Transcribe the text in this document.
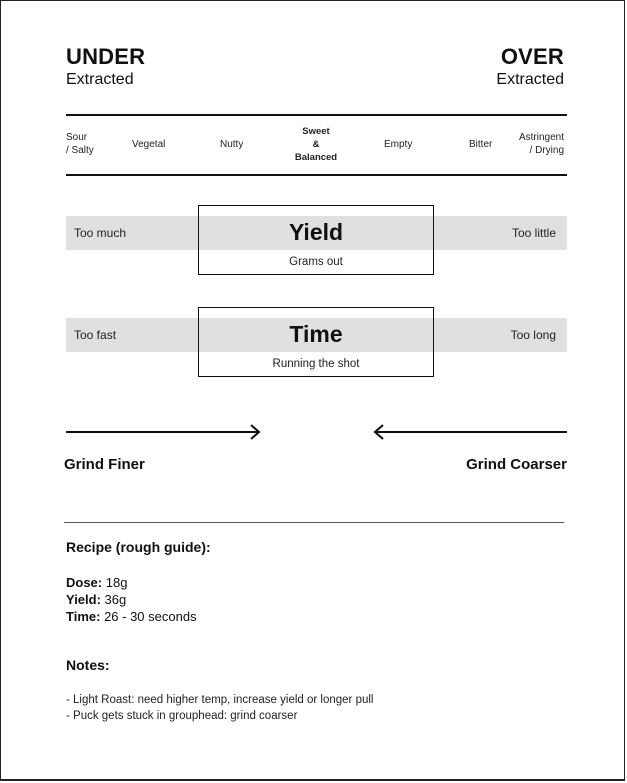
UNDER
Extracted
OVER
Extracted
Sour
/ Salty
Vegetal	Nutty
Sweet
&
Balanced
Empty	Bitter
Astringent
/ Drying
Too much	Yield
Grams out
Too little
Too fast	Time
Running the shot
Too long
Grind Finer	Grind Coarser
Recipe (rough guide):
Dose: 18g
Yield: 36g
Time: 26 - 30 seconds
Notes:
- Light Roast: need higher temp, increase yield or longer pull
- Puck gets stuck in grouphead: grind coarser
